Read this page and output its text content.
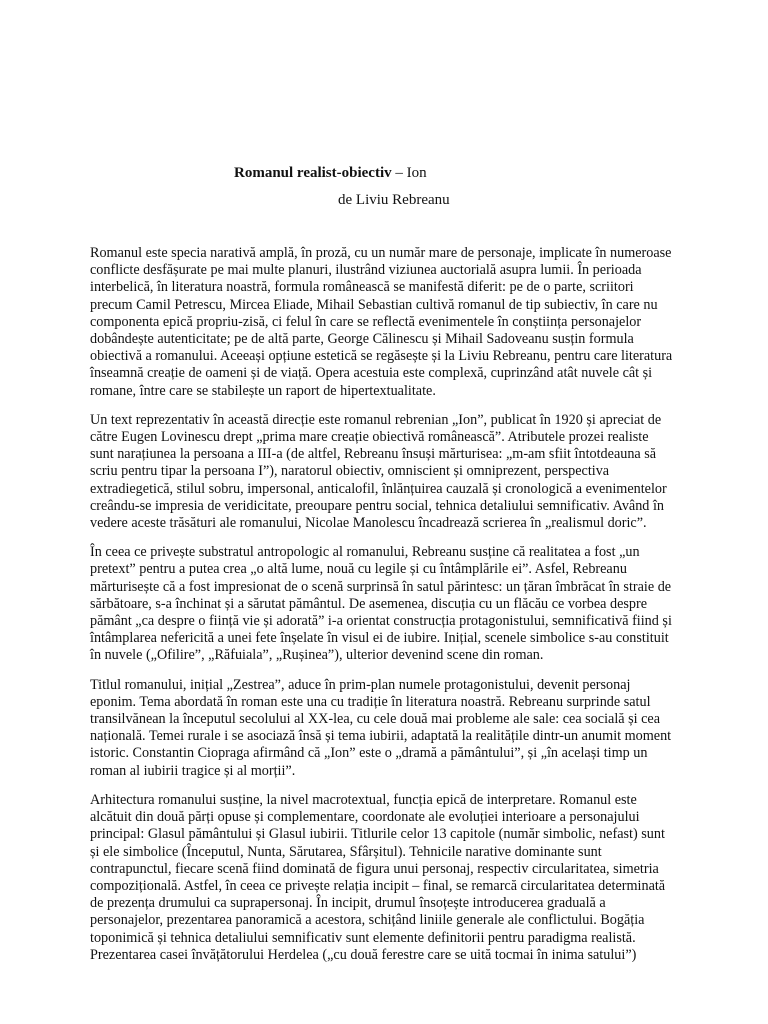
Romanul realist-obiectiv – Ion
de Liviu Rebreanu

Romanul este specia narativă amplă, în proză, cu un număr mare de personaje, implicate în numeroase
conflicte desfășurate pe mai multe planuri, ilustrând viziunea auctorială asupra lumii. În perioada
interbelică, în literatura noastră, formula românească se manifestă diferit: pe de o parte, scriitori
precum Camil Petrescu, Mircea Eliade, Mihail Sebastian cultivă romanul de tip subiectiv, în care nu
componenta epică propriu-zisă, ci felul în care se reflectă evenimentele în conștiința personajelor
dobândește autenticitate; pe de altă parte, George Călinescu și Mihail Sadoveanu susțin formula
obiectivă a romanului. Aceeași opțiune estetică se regăsește și la Liviu Rebreanu, pentru care literatura
înseamnă creație de oameni și de viață. Opera acestuia este complexă, cuprinzând atât nuvele cât și
romane, între care se stabilește un raport de hipertextualitate.

Un text reprezentativ în această direcție este romanul rebrenian „Ion”, publicat în 1920 și apreciat de
către Eugen Lovinescu drept „prima mare creație obiectivă românească”. Atributele prozei realiste
sunt narațiunea la persoana a III-a (de altfel, Rebreanu însuși mărturisea: „m-am sfiit întotdeauna să
scriu pentru tipar la persoana I”), naratorul obiectiv, omniscient și omniprezent, perspectiva
extradiegetică, stilul sobru, impersonal, anticalofil, înlănțuirea cauzală și cronologică a evenimentelor
creându-se impresia de veridicitate, preoupare pentru social, tehnica detaliului semnificativ. Având în
vedere aceste trăsături ale romanului, Nicolae Manolescu încadrează scrierea în „realismul doric”.

În ceea ce privește substratul antropologic al romanului, Rebreanu susține că realitatea a fost „un
pretext” pentru a putea crea „o altă lume, nouă cu legile și cu întâmplările ei”. Asfel, Rebreanu
mărturisește că a fost impresionat de o scenă surprinsă în satul părintesc: un țăran îmbrăcat în straie de
sărbătoare, s-a închinat și a sărutat pământul. De asemenea, discuția cu un flăcău ce vorbea despre
pământ „ca despre o ființă vie și adorată” i-a orientat construcția protagonistului, semnificativă fiind și
întâmplarea nefericită a unei fete înșelate în visul ei de iubire. Inițial, scenele simbolice s-au constituit
în nuvele („Ofilire”, „Răfuiala”, „Rușinea”), ulterior devenind scene din roman.

Titlul romanului, inițial „Zestrea”, aduce în prim-plan numele protagonistului, devenit personaj
eponim. Tema abordată în roman este una cu tradiție în literatura noastră. Rebreanu surprinde satul
transilvănean la începutul secolului al XX-lea, cu cele două mai probleme ale sale: cea socială și cea
națională. Temei rurale i se asociază însă și tema iubirii, adaptată la realitățile dintr-un anumit moment
istoric. Constantin Ciopraga afirmând că „Ion” este o „dramă a pământului”, și „în același timp un
roman al iubirii tragice și al morții”.

Arhitectura romanului susține, la nivel macrotextual, funcția epică de interpretare. Romanul este
alcătuit din două părți opuse și complementare, coordonate ale evoluției interioare a personajului
principal: Glasul pământului și Glasul iubirii. Titlurile celor 13 capitole (număr simbolic, nefast) sunt
și ele simbolice (Începutul, Nunta, Sărutarea, Sfârșitul). Tehnicile narative dominante sunt
contrapunctul, fiecare scenă fiind dominată de figura unui personaj, respectiv circularitatea, simetria
compozițională. Astfel, în ceea ce privește relația incipit – final, se remarcă circularitatea determinată
de prezența drumului ca suprapersonaj. În incipit, drumul însoțește introducerea graduală a
personajelor, prezentarea panoramică a acestora, schițând liniile generale ale conflictului. Bogăția
toponimică și tehnica detaliului semnificativ sunt elemente definitorii pentru paradigma realistă.
Prezentarea casei învățătorului Herdelea („cu două ferestre care se uită tocmai în inima satului”)
